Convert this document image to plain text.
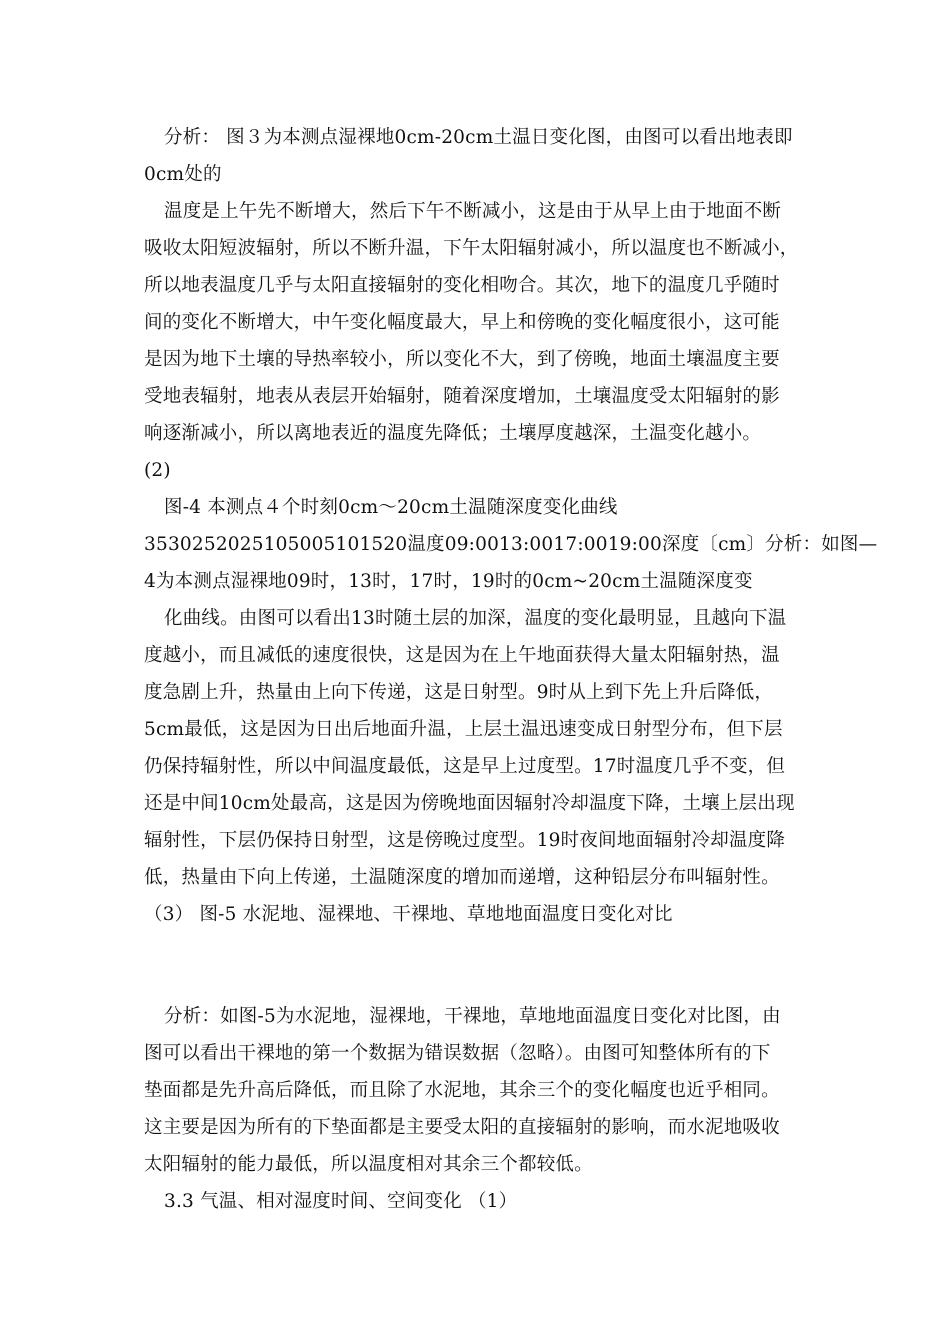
分析： 图３为本测点湿裸地0cm-20cm土温日变化图，由图可以看出地表即
0cm处的
温度是上午先不断增大，然后下午不断减小，这是由于从早上由于地面不断
吸收太阳短波辐射，所以不断升温，下午太阳辐射减小，所以温度也不断减小，
所以地表温度几乎与太阳直接辐射的变化相吻合。其次，地下的温度几乎随时
间的变化不断增大，中午变化幅度最大，早上和傍晚的变化幅度很小，这可能
是因为地下土壤的导热率较小，所以变化不大，到了傍晚，地面土壤温度主要
受地表辐射，地表从表层开始辐射，随着深度增加，土壤温度受太阳辐射的影
响逐渐减小，所以离地表近的温度先降低；土壤厚度越深，土温变化越小。
(2)
图-4 本测点４个时刻0cm～20cm土温随深度变化曲线
3530252025105005101520温度09:0013:0017:0019:00深度〔cm〕分析：如图—
4为本测点湿裸地09时，13时，17时，19时的0cm~20cm土温随深度变
化曲线。由图可以看出13时随土层的加深，温度的变化最明显，且越向下温
度越小，而且减低的速度很快，这是因为在上午地面获得大量太阳辐射热，温
度急剧上升，热量由上向下传递，这是日射型。9时从上到下先上升后降低，
5cm最低，这是因为日出后地面升温，上层土温迅速变成日射型分布，但下层
仍保持辐射性，所以中间温度最低，这是早上过度型。17时温度几乎不变，但
还是中间10cm处最高，这是因为傍晚地面因辐射冷却温度下降，土壤上层出现
辐射性，下层仍保持日射型，这是傍晚过度型。19时夜间地面辐射冷却温度降
低，热量由下向上传递，土温随深度的增加而递增，这种铅层分布叫辐射性。
（3） 图-5 水泥地、湿裸地、干裸地、草地地面温度日变化对比
分析：如图-5为水泥地，湿裸地，干裸地，草地地面温度日变化对比图，由
图可以看出干裸地的第一个数据为错误数据（忽略）。由图可知整体所有的下
垫面都是先升高后降低，而且除了水泥地，其余三个的变化幅度也近乎相同。
这主要是因为所有的下垫面都是主要受太阳的直接辐射的影响，而水泥地吸收
太阳辐射的能力最低，所以温度相对其余三个都较低。
3.3 气温、相对湿度时间、空间变化 （1）
